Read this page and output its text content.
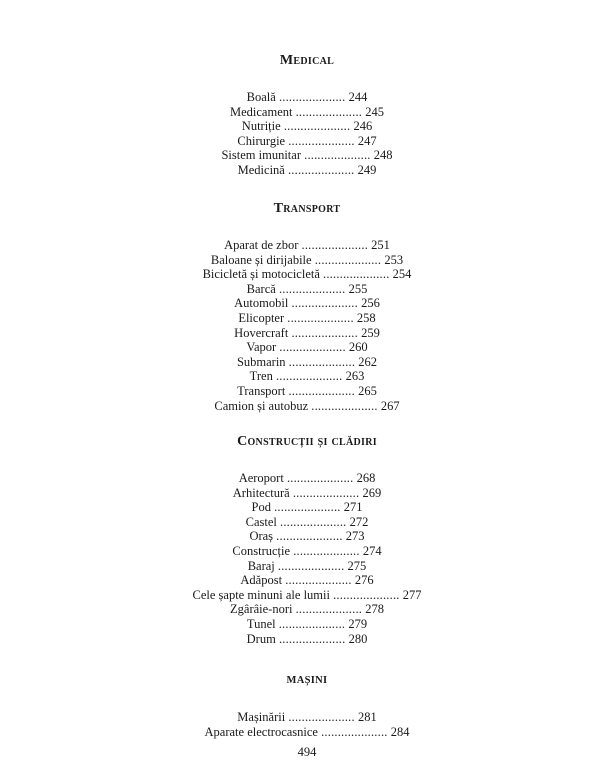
Medical
Boală .................... 244
Medicament .................... 245
Nutriție .................... 246
Chirurgie .................... 247
Sistem imunitar .................... 248
Medicină .................... 249
Transport
Aparat de zbor .................... 251
Baloane și dirijabile .................... 253
Bicicletă și motocicletă .................... 254
Barcă .................... 255
Automobil .................... 256
Elicopter .................... 258
Hovercraft .................... 259
Vapor .................... 260
Submarin .................... 262
Tren .................... 263
Transport .................... 265
Camion și autobuz .................... 267
Construcții și clădiri
Aeroport .................... 268
Arhitectură .................... 269
Pod .................... 271
Castel .................... 272
Oraș .................... 273
Construcție .................... 274
Baraj .................... 275
Adăpost .................... 276
Cele șapte minuni ale lumii .................... 277
Zgârâie-nori .................... 278
Tunel .................... 279
Drum .................... 280
MAȘINI
Mașinării .................... 281
Aparate electrocasnice .................... 284
494
